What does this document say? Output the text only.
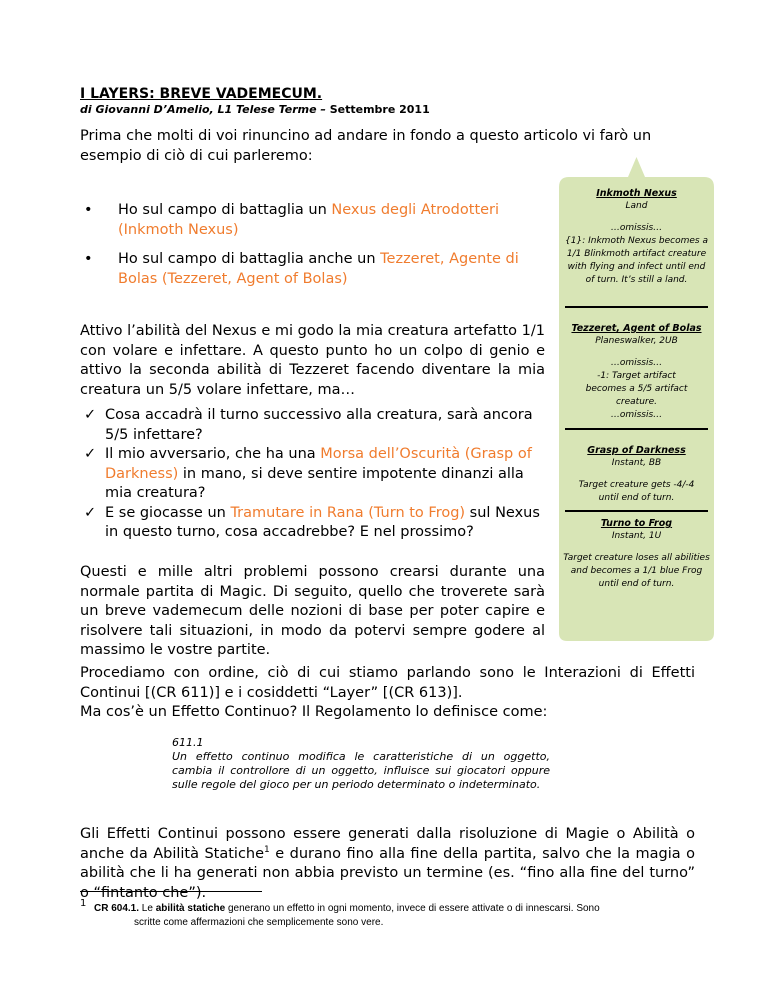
I LAYERS: BREVE VADEMECUM.
di Giovanni D’Amelio, L1 Telese Terme – Settembre 2011
Prima che molti di voi rinuncino ad andare in fondo a questo articolo vi farò un esempio di ciò di cui parleremo:
• Ho sul campo di battaglia un Nexus degli Atrodotteri (Inkmoth Nexus)
• Ho sul campo di battaglia anche un Tezzeret, Agente di Bolas (Tezzeret, Agent of Bolas)
Attivo l’abilità del Nexus e mi godo la mia creatura artefatto 1/1 con volare e infettare. A questo punto ho un colpo di genio e attivo la seconda abilità di Tezzeret facendo diventare la mia creatura un 5/5 volare infettare, ma…
✓ Cosa accadrà il turno successivo alla creatura, sarà ancora 5/5 infettare?
✓ Il mio avversario, che ha una Morsa dell’Oscurità (Grasp of Darkness) in mano, si deve sentire impotente dinanzi alla mia creatura?
✓ E se giocasse un Tramutare in Rana (Turn to Frog) sul Nexus in questo turno, cosa accadrebbe? E nel prossimo?
Questi e mille altri problemi possono crearsi durante una normale partita di Magic. Di seguito, quello che troverete sarà un breve vademecum delle nozioni di base per poter capire e risolvere tali situazioni, in modo da potervi sempre godere al massimo le vostre partite.
Inkmoth Nexus
Land
…omissis…
{1}: Inkmoth Nexus becomes a 1/1 Blinkmoth artifact creature with flying and infect until end of turn. It’s still a land.
Tezzeret, Agent of Bolas
Planeswalker, 2UB
…omissis…
-1: Target artifact becomes a 5/5 artifact creature.
…omissis…
Grasp of Darkness
Instant, BB
Target creature gets -4/-4 until end of turn.
Turno to Frog
Instant, 1U
Target creature loses all abilities and becomes a 1/1 blue Frog until end of turn.
Procediamo con ordine, ciò di cui stiamo parlando sono le Interazioni di Effetti Continui [(CR 611)] e i cosiddetti “Layer” [(CR 613)].
Ma cos’è un Effetto Continuo? Il Regolamento lo definisce come:
611.1
Un effetto continuo modifica le caratteristiche di un oggetto, cambia il controllore di un oggetto, influisce sui giocatori oppure sulle regole del gioco per un periodo determinato o indeterminato.
Gli Effetti Continui possono essere generati dalla risoluzione di Magie o Abilità o anche da Abilità Statiche$^1$ e durano fino alla fine della partita, salvo che la magia o abilità che li ha generati non abbia previsto un termine (es. “fino alla fine del turno” o “fintanto che”).
1 CR 604.1. Le abilità statiche generano un effetto in ogni momento, invece di essere attivate o di innescarsi. Sono
scritte come affermazioni che semplicemente sono vere.
